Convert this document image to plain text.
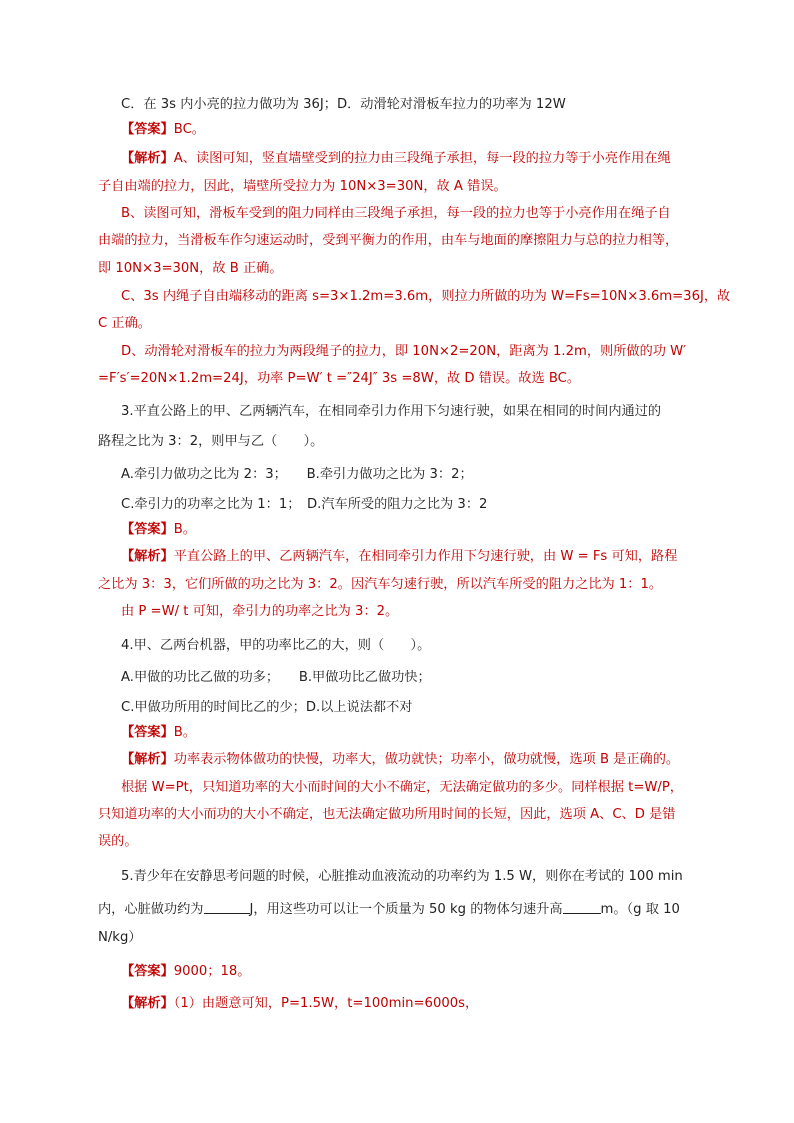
C．在 3s 内小亮的拉力做功为 36J；D．动滑轮对滑板车拉力的功率为 12W
【答案】BC。
【解析】A、读图可知，竖直墙壁受到的拉力由三段绳子承担，每一段的拉力等于小亮作用在绳
子自由端的拉力，因此，墙壁所受拉力为 10N×3=30N，故 A 错误。
B、读图可知，滑板车受到的阻力同样由三段绳子承担，每一段的拉力也等于小亮作用在绳子自
由端的拉力，当滑板车作匀速运动时，受到平衡力的作用，由车与地面的摩擦阻力与总的拉力相等，
即 10N×3=30N，故 B 正确。
C、3s 内绳子自由端移动的距离 s=3×1.2m=3.6m，则拉力所做的功为 W=Fs=10N×3.6m=36J，故
C 正确。
D、动滑轮对滑板车的拉力为两段绳子的拉力，即 10N×2=20N，距离为 1.2m，则所做的功 W′
=F′s′=20N×1.2m=24J，功率 P=W′ t =″24J″ 3s =8W，故 D 错误。故选 BC。
3.平直公路上的甲、乙两辆汽车，在相同牵引力作用下匀速行驶，如果在相同的时间内通过的
路程之比为 3：2，则甲与乙（　　）。
A.牵引力做功之比为 2：3；　　B.牵引力做功之比为 3：2；
C.牵引力的功率之比为 1：1；　D.汽车所受的阻力之比为 3：2
【答案】B。
【解析】平直公路上的甲、乙两辆汽车，在相同牵引力作用下匀速行驶，由 W = Fs 可知，路程
之比为 3：3，它们所做的功之比为 3：2。因汽车匀速行驶，所以汽车所受的阻力之比为 1：1。
由 P =W/ t 可知，牵引力的功率之比为 3：2。
4.甲、乙两台机器，甲的功率比乙的大，则（　　）。
A.甲做的功比乙做的功多；　　B.甲做功比乙做功快；
C.甲做功所用的时间比乙的少；D.以上说法都不对
【答案】B。
【解析】功率表示物体做功的快慢，功率大，做功就快；功率小，做功就慢，选项 B 是正确的。
根据 W=Pt，只知道功率的大小而时间的大小不确定，无法确定做功的多少。同样根据 t=W/P，
只知道功率的大小而功的大小不确定，也无法确定做功所用时间的长短，因此，选项 A、C、D 是错
误的。
5.青少年在安静思考问题的时候，心脏推动血液流动的功率约为 1.5 W，则你在考试的 100 min
内，心脏做功约为	J，用这些功可以让一个质量为 50 kg 的物体匀速升高	m。（g 取 10
N/kg）
【答案】9000；18。
【解析】（1）由题意可知，P=1.5W，t=100min=6000s，
